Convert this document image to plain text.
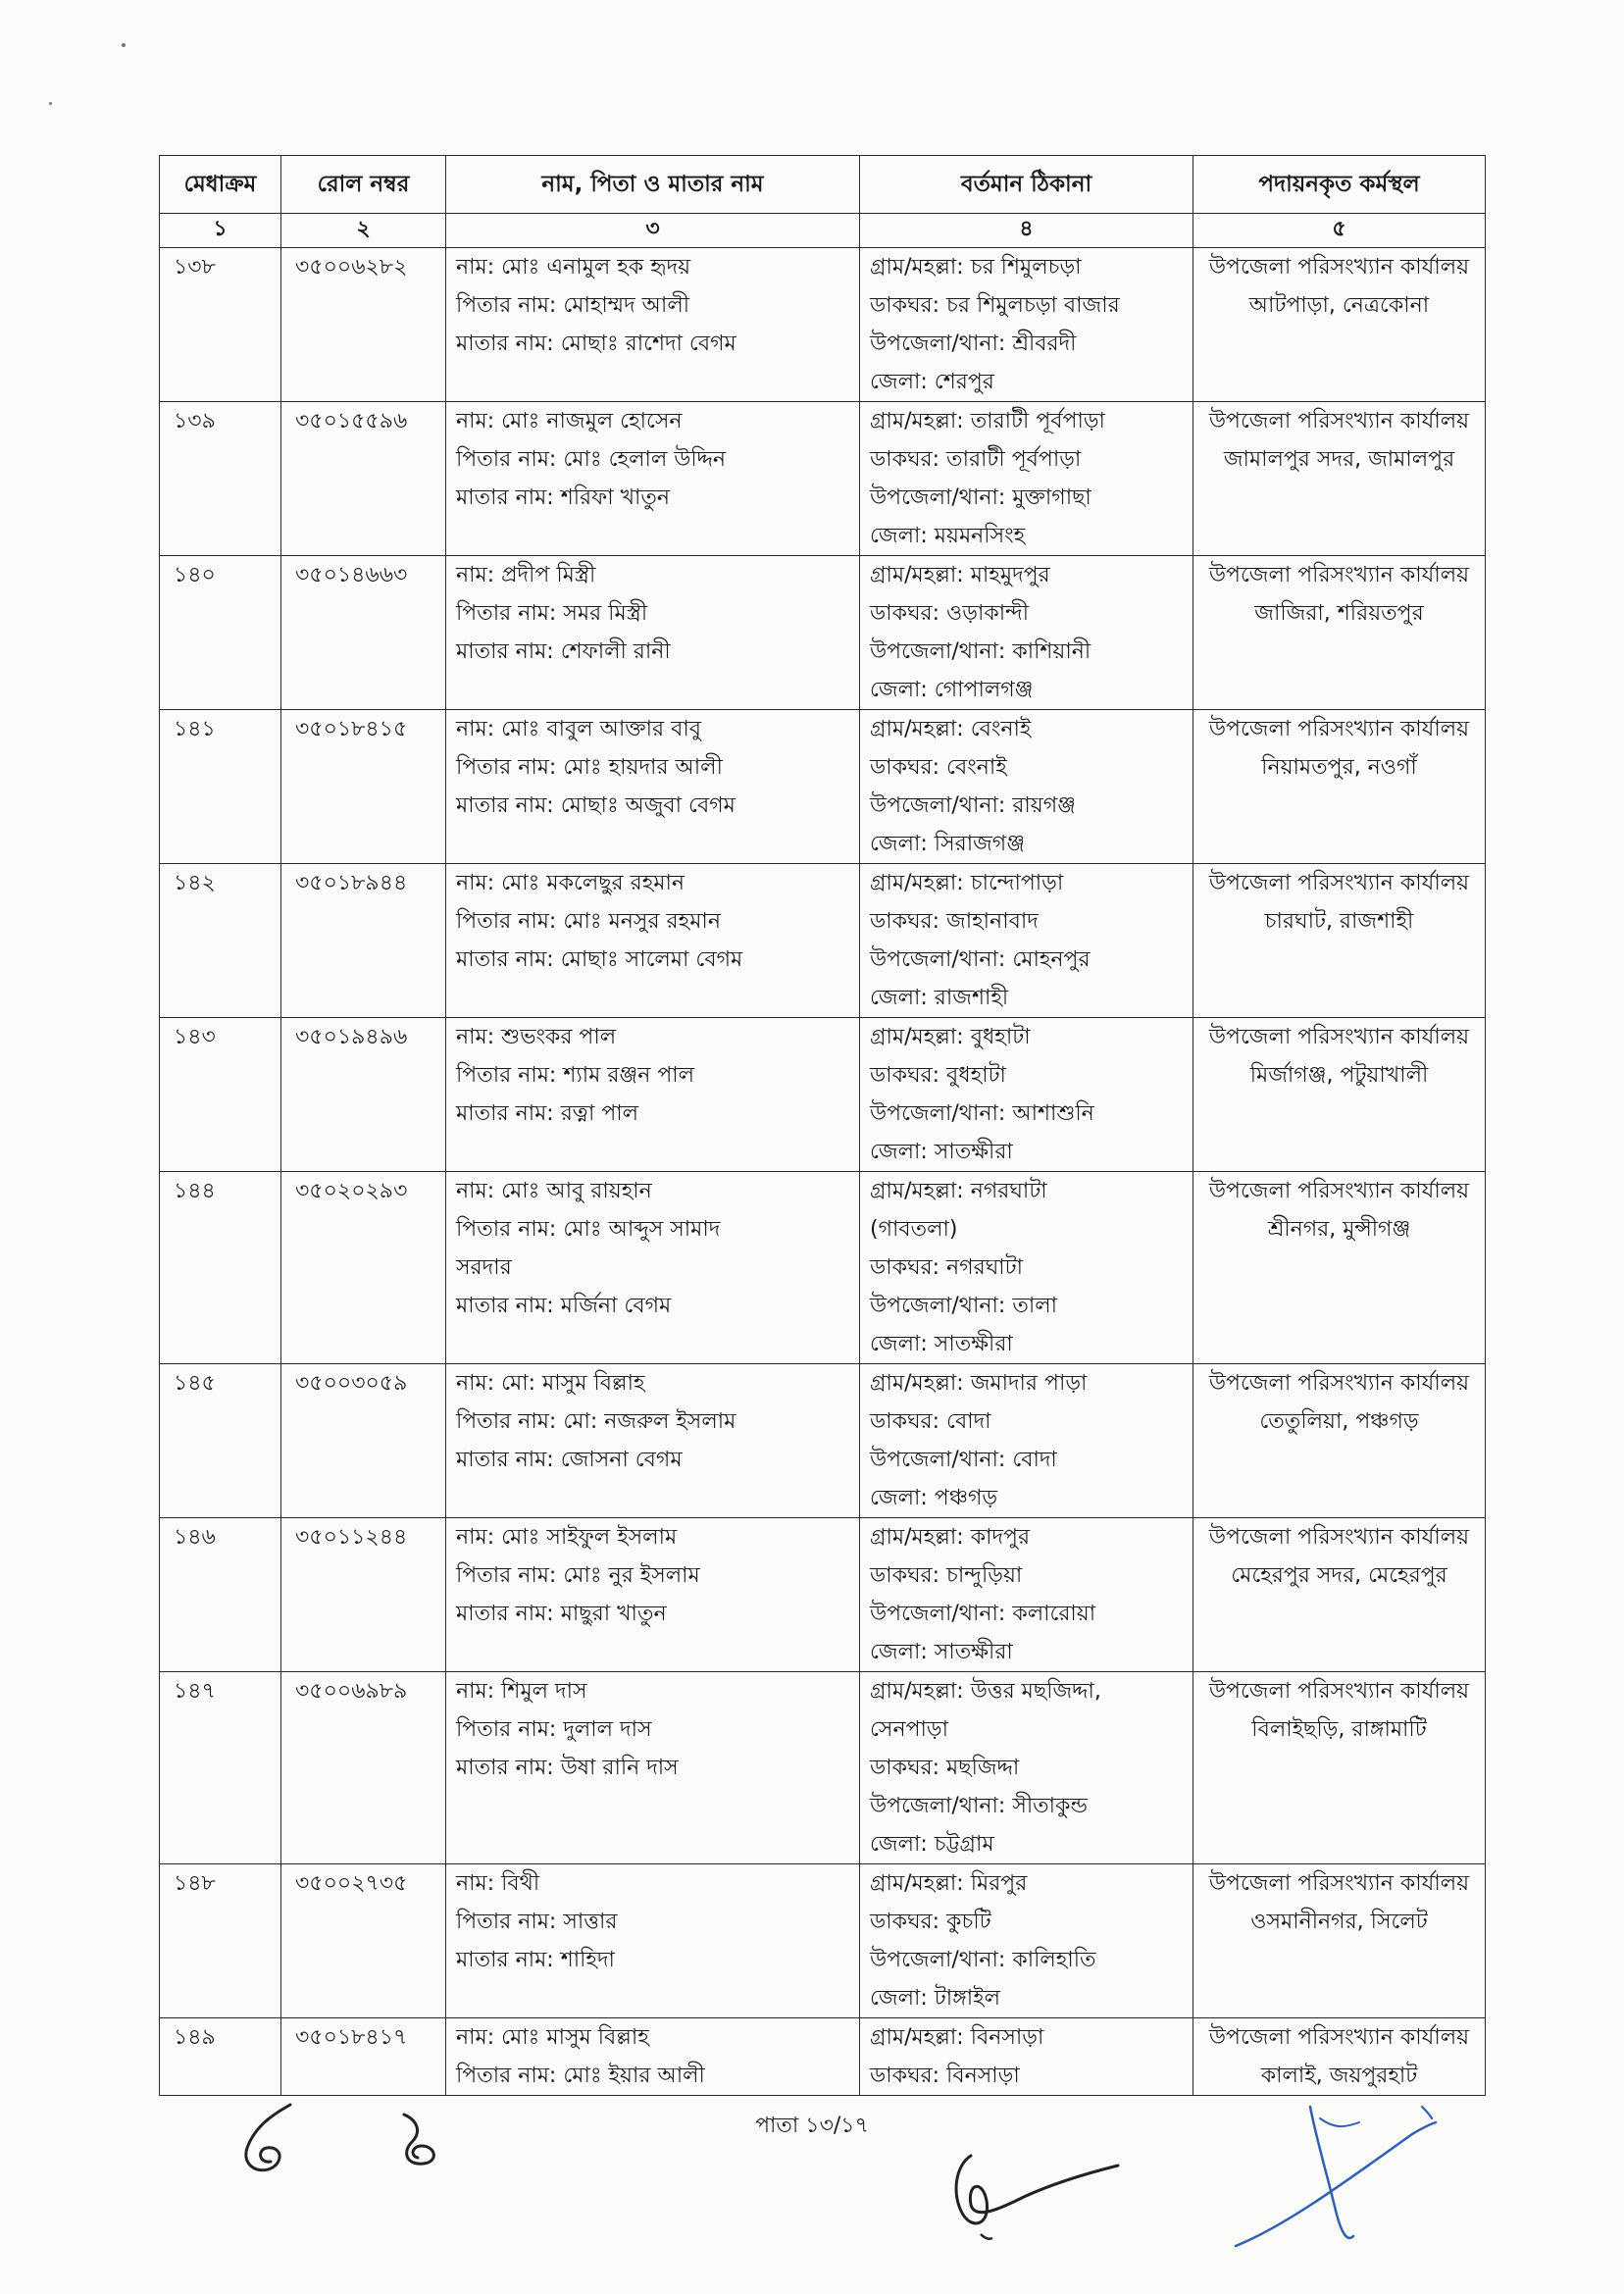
মেধাক্রম	রোল নম্বর	নাম, পিতা ও মাতার নাম	বর্তমান ঠিকানা	পদায়নকৃত কর্মস্থল
১	২	৩	৪	৫
১৩৮	৩৫০০৬২৮২	নাম: মোঃ এনামুল হক হৃদয়
পিতার নাম: মোহাম্মদ আলী
মাতার নাম: মোছাঃ রাশেদা বেগম	গ্রাম/মহল্লা: চর শিমুলচড়া
ডাকঘর: চর শিমুলচড়া বাজার
উপজেলা/থানা: শ্রীবরদী
জেলা: শেরপুর	উপজেলা পরিসংখ্যান কার্যালয়
আটপাড়া, নেত্রকোনা

১৩৯	৩৫০১৫৫৯৬	নাম: মোঃ নাজমুল হোসেন
পিতার নাম: মোঃ হেলাল উদ্দিন
মাতার নাম: শরিফা খাতুন	গ্রাম/মহল্লা: তারাটী পূর্বপাড়া
ডাকঘর: তারাটী পূর্বপাড়া
উপজেলা/থানা: মুক্তাগাছা
জেলা: ময়মনসিংহ	উপজেলা পরিসংখ্যান কার্যালয়
জামালপুর সদর, জামালপুর

১৪০	৩৫০১৪৬৬৩	নাম: প্রদীপ মিস্ত্রী
পিতার নাম: সমর মিস্ত্রী
মাতার নাম: শেফালী রানী	গ্রাম/মহল্লা: মাহমুদপুর
ডাকঘর: ওড়াকান্দী
উপজেলা/থানা: কাশিয়ানী
জেলা: গোপালগঞ্জ	উপজেলা পরিসংখ্যান কার্যালয়
জাজিরা, শরিয়তপুর

১৪১	৩৫০১৮৪১৫	নাম: মোঃ বাবুল আক্তার বাবু
পিতার নাম: মোঃ হায়দার আলী
মাতার নাম: মোছাঃ অজুবা বেগম	গ্রাম/মহল্লা: বেংনাই
ডাকঘর: বেংনাই
উপজেলা/থানা: রায়গঞ্জ
জেলা: সিরাজগঞ্জ	উপজেলা পরিসংখ্যান কার্যালয়
নিয়ামতপুর, নওগাঁ

১৪২	৩৫০১৮৯৪৪	নাম: মোঃ মকলেছুর রহমান
পিতার নাম: মোঃ মনসুর রহমান
মাতার নাম: মোছাঃ সালেমা বেগম	গ্রাম/মহল্লা: চান্দোপাড়া
ডাকঘর: জাহানাবাদ
উপজেলা/থানা: মোহনপুর
জেলা: রাজশাহী	উপজেলা পরিসংখ্যান কার্যালয়
চারঘাট, রাজশাহী

১৪৩	৩৫০১৯৪৯৬	নাম: শুভংকর পাল
পিতার নাম: শ্যাম রঞ্জন পাল
মাতার নাম: রত্না পাল	গ্রাম/মহল্লা: বুধহাটা
ডাকঘর: বুধহাটা
উপজেলা/থানা: আশাশুনি
জেলা: সাতক্ষীরা	উপজেলা পরিসংখ্যান কার্যালয়
মির্জাগঞ্জ, পটুয়াখালী

১৪৪	৩৫০২০২৯৩	নাম: মোঃ আবু রায়হান
পিতার নাম: মোঃ আব্দুস সামাদ
সরদার
মাতার নাম: মর্জিনা বেগম	গ্রাম/মহল্লা: নগরঘাটা
(গাবতলা)
ডাকঘর: নগরঘাটা
উপজেলা/থানা: তালা
জেলা: সাতক্ষীরা	উপজেলা পরিসংখ্যান কার্যালয়
শ্রীনগর, মুন্সীগঞ্জ

১৪৫	৩৫০০৩০৫৯	নাম: মো: মাসুম বিল্লাহ
পিতার নাম: মো: নজরুল ইসলাম
মাতার নাম: জোসনা বেগম	গ্রাম/মহল্লা: জমাদার পাড়া
ডাকঘর: বোদা
উপজেলা/থানা: বোদা
জেলা: পঞ্চগড়	উপজেলা পরিসংখ্যান কার্যালয়
তেতুলিয়া, পঞ্চগড়

১৪৬	৩৫০১১২৪৪	নাম: মোঃ সাইফুল ইসলাম
পিতার নাম: মোঃ নুর ইসলাম
মাতার নাম: মাছুরা খাতুন	গ্রাম/মহল্লা: কাদপুর
ডাকঘর: চান্দুড়িয়া
উপজেলা/থানা: কলারোয়া
জেলা: সাতক্ষীরা	উপজেলা পরিসংখ্যান কার্যালয়
মেহেরপুর সদর, মেহেরপুর

১৪৭	৩৫০০৬৯৮৯	নাম: শিমুল দাস
পিতার নাম: দুলাল দাস
মাতার নাম: উষা রানি দাস	গ্রাম/মহল্লা: উত্তর মছজিদ্দা,
সেনপাড়া
ডাকঘর: মছজিদ্দা
উপজেলা/থানা: সীতাকুন্ড
জেলা: চট্টগ্রাম	উপজেলা পরিসংখ্যান কার্যালয়
বিলাইছড়ি, রাঙ্গামাটি

১৪৮	৩৫০০২৭৩৫	নাম: বিথী
পিতার নাম: সাত্তার
মাতার নাম: শাহিদা	গ্রাম/মহল্লা: মিরপুর
ডাকঘর: কুচটি
উপজেলা/থানা: কালিহাতি
জেলা: টাঙ্গাইল	উপজেলা পরিসংখ্যান কার্যালয়
ওসমানীনগর, সিলেট

১৪৯	৩৫০১৮৪১৭	নাম: মোঃ মাসুম বিল্লাহ
পিতার নাম: মোঃ ইয়ার আলী	গ্রাম/মহল্লা: বিনসাড়া
ডাকঘর: বিনসাড়া	উপজেলা পরিসংখ্যান কার্যালয়
কালাই, জয়পুরহাট
পাতা ১৩/১৭
